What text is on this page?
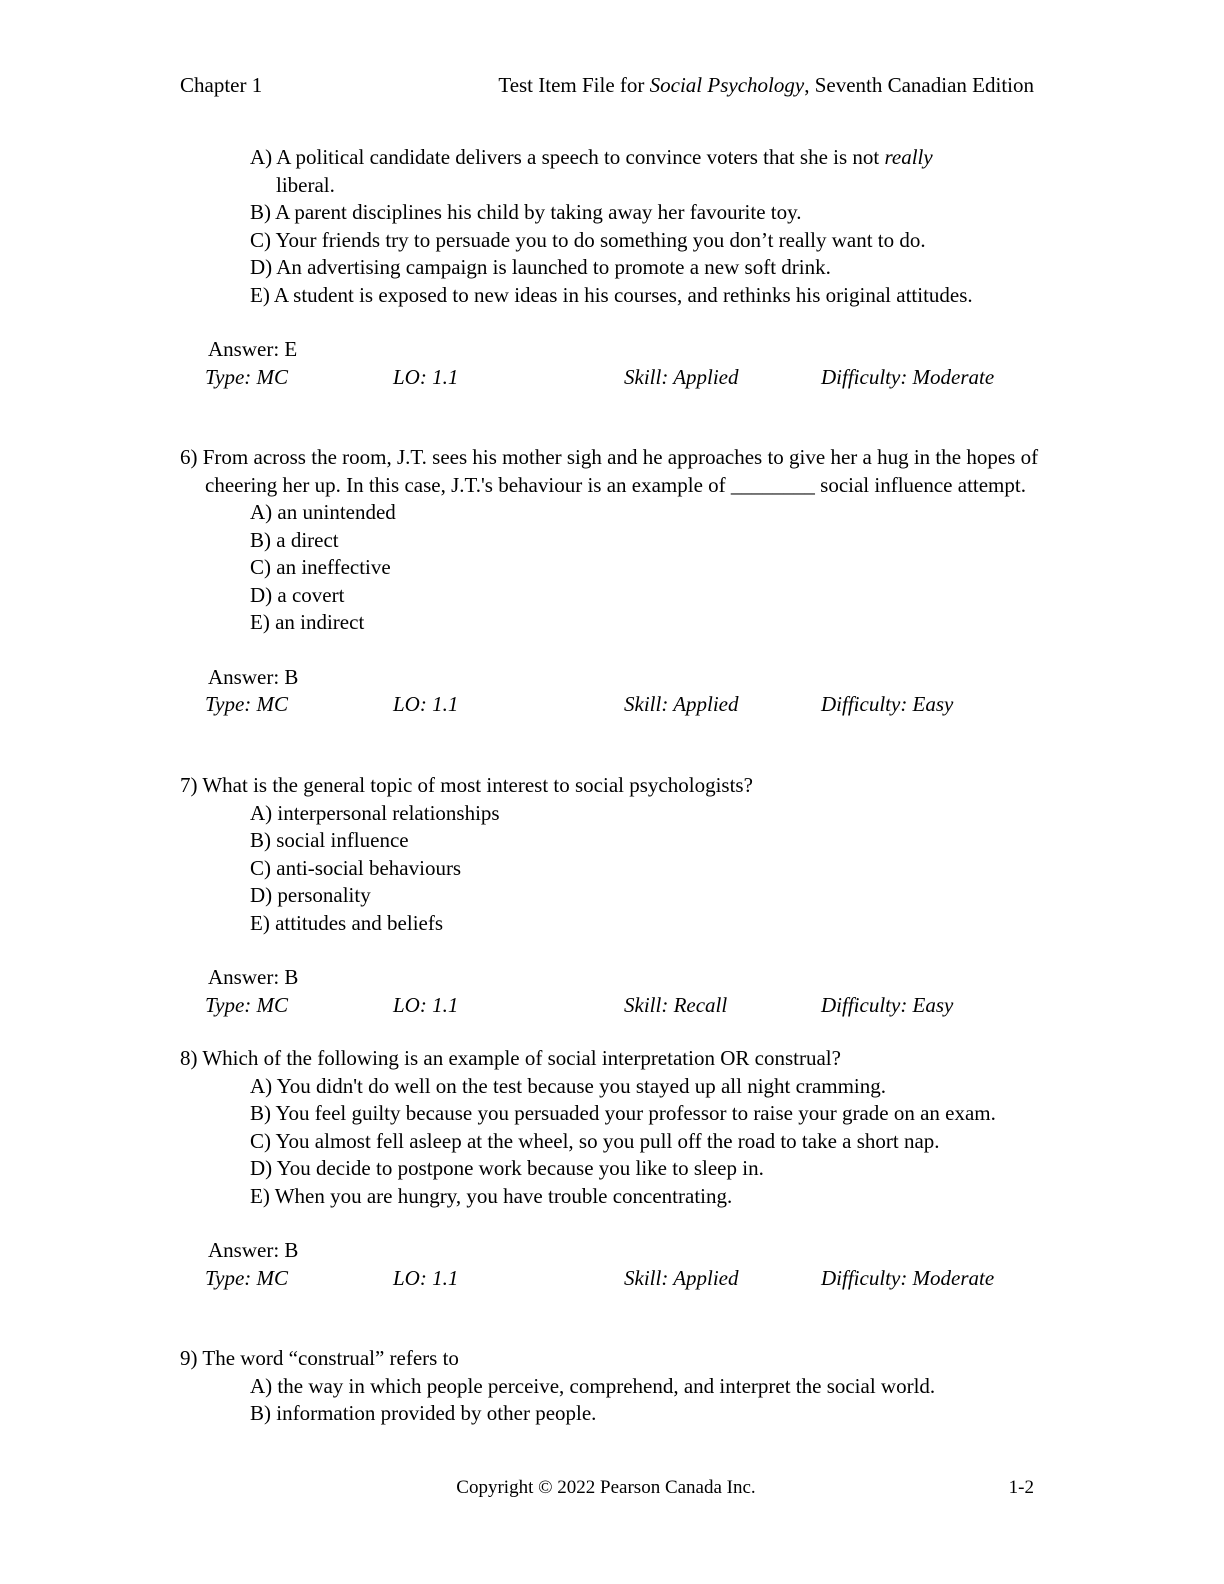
Chapter 1	Test Item File for Social Psychology, Seventh Canadian Edition
A) A political candidate delivers a speech to convince voters that she is not really liberal.
B) A parent disciplines his child by taking away her favourite toy.
C) Your friends try to persuade you to do something you don’t really want to do.
D) An advertising campaign is launched to promote a new soft drink.
E) A student is exposed to new ideas in his courses, and rethinks his original attitudes.
Answer: E
Type: MC	LO: 1.1	Skill: Applied	Difficulty: Moderate
6) From across the room, J.T. sees his mother sigh and he approaches to give her a hug in the hopes of cheering her up. In this case, J.T.'s behaviour is an example of ________ social influence attempt.
A) an unintended
B) a direct
C) an ineffective
D) a covert
E) an indirect
Answer: B
Type: MC	LO: 1.1	Skill: Applied	Difficulty: Easy
7) What is the general topic of most interest to social psychologists?
A) interpersonal relationships
B) social influence
C) anti-social behaviours
D) personality
E) attitudes and beliefs
Answer: B
Type: MC	LO: 1.1	Skill: Recall	Difficulty: Easy
8) Which of the following is an example of social interpretation OR construal?
A) You didn't do well on the test because you stayed up all night cramming.
B) You feel guilty because you persuaded your professor to raise your grade on an exam.
C) You almost fell asleep at the wheel, so you pull off the road to take a short nap.
D) You decide to postpone work because you like to sleep in.
E) When you are hungry, you have trouble concentrating.
Answer: B
Type: MC	LO: 1.1	Skill: Applied	Difficulty: Moderate
9) The word “construal” refers to
A) the way in which people perceive, comprehend, and interpret the social world.
B) information provided by other people.
Copyright © 2022 Pearson Canada Inc.	1-2
